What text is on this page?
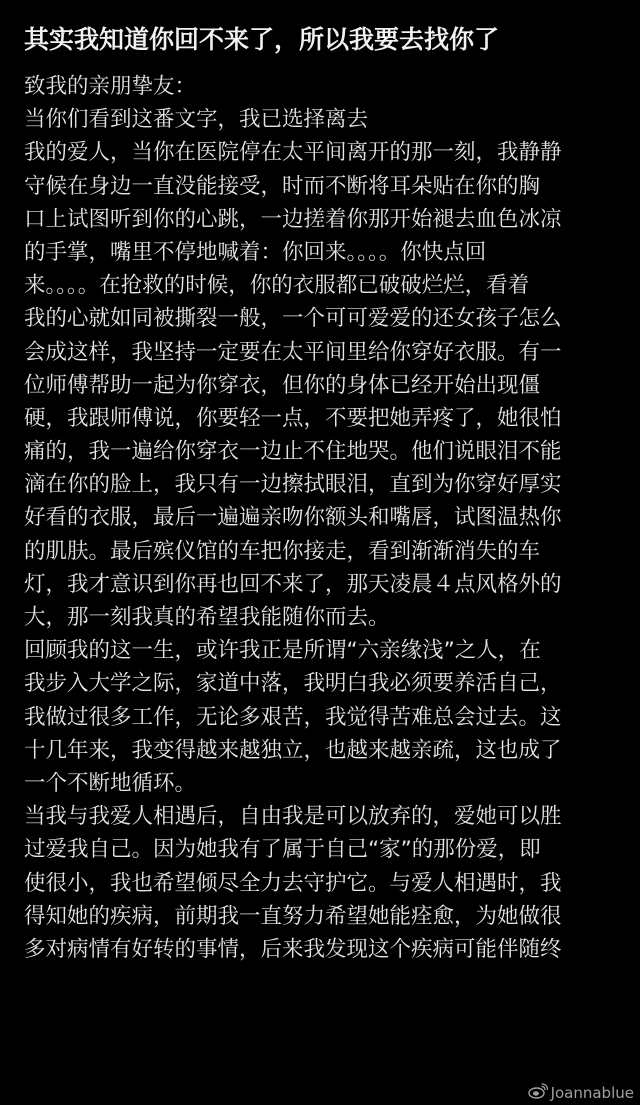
其实我知道你回不来了，所以我要去找你了
致我的亲朋挚友：
当你们看到这番文字，我已选择离去
我的爱人，当你在医院停在太平间离开的那一刻，我静静
守候在身边一直没能接受，时而不断将耳朵贴在你的胸
口上试图听到你的心跳，一边搓着你那开始褪去血色冰凉
的手掌，嘴里不停地喊着：你回来。。。。你快点回
来。。。。在抢救的时候，你的衣服都已破破烂烂，看着
我的心就如同被撕裂一般，一个可可爱爱的还女孩子怎么
会成这样，我坚持一定要在太平间里给你穿好衣服。有一
位师傅帮助一起为你穿衣，但你的身体已经开始出现僵
硬，我跟师傅说，你要轻一点，不要把她弄疼了，她很怕
痛的，我一遍给你穿衣一边止不住地哭。他们说眼泪不能
滴在你的脸上，我只有一边擦拭眼泪，直到为你穿好厚实
好看的衣服，最后一遍遍亲吻你额头和嘴唇，试图温热你
的肌肤。最后殡仪馆的车把你接走，看到渐渐消失的车
灯，我才意识到你再也回不来了，那天凌晨４点风格外的
大，那一刻我真的希望我能随你而去。
回顾我的这一生，或许我正是所谓“六亲缘浅”之人，在
我步入大学之际，家道中落，我明白我必须要养活自己，
我做过很多工作，无论多艰苦，我觉得苦难总会过去。这
十几年来，我变得越来越独立，也越来越亲疏，这也成了
一个不断地循环。
当我与我爱人相遇后，自由我是可以放弃的，爱她可以胜
过爱我自己。因为她我有了属于自己“家”的那份爱，即
使很小，我也希望倾尽全力去守护它。与爱人相遇时，我
得知她的疾病，前期我一直努力希望她能痊愈，为她做很
多对病情有好转的事情，后来我发现这个疾病可能伴随终
Joannablue
